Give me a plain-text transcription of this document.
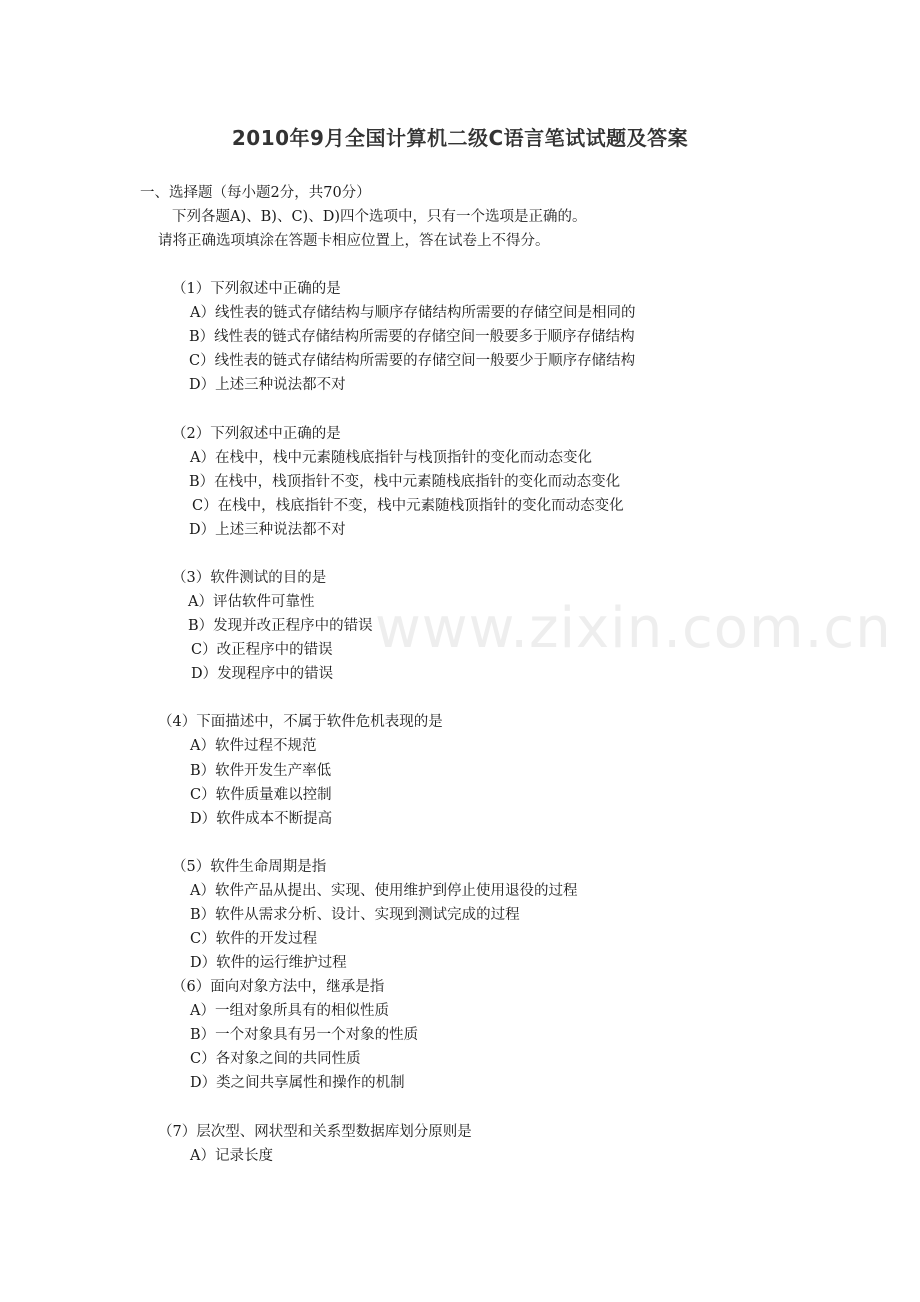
www.zixin.com.cn
2010年9月全国计算机二级C语言笔试试题及答案

一、选择题（每小题2分，共70分）

下列各题A)、B)、C)、D)四个选项中，只有一个选项是正确的。

请将正确选项填涂在答题卡相应位置上，答在试卷上不得分。

（1）下列叙述中正确的是

A）线性表的链式存储结构与顺序存储结构所需要的存储空间是相同的

B）线性表的链式存储结构所需要的存储空间一般要多于顺序存储结构

C）线性表的链式存储结构所需要的存储空间一般要少于顺序存储结构

D）上述三种说法都不对

（2）下列叙述中正确的是

A）在栈中，栈中元素随栈底指针与栈顶指针的变化而动态变化

B）在栈中，栈顶指针不变，栈中元素随栈底指针的变化而动态变化

C）在栈中，栈底指针不变，栈中元素随栈顶指针的变化而动态变化

D）上述三种说法都不对

（3）软件测试的目的是

A）评估软件可靠性

B）发现并改正程序中的错误

C）改正程序中的错误

D）发现程序中的错误

（4）下面描述中，不属于软件危机表现的是

A）软件过程不规范

B）软件开发生产率低

C）软件质量难以控制

D）软件成本不断提高

（5）软件生命周期是指

A）软件产品从提出、实现、使用维护到停止使用退役的过程

B）软件从需求分析、设计、实现到测试完成的过程

C）软件的开发过程

D）软件的运行维护过程

（6）面向对象方法中，继承是指

A）一组对象所具有的相似性质

B）一个对象具有另一个对象的性质

C）各对象之间的共同性质

D）类之间共享属性和操作的机制

（7）层次型、网状型和关系型数据库划分原则是

A）记录长度
